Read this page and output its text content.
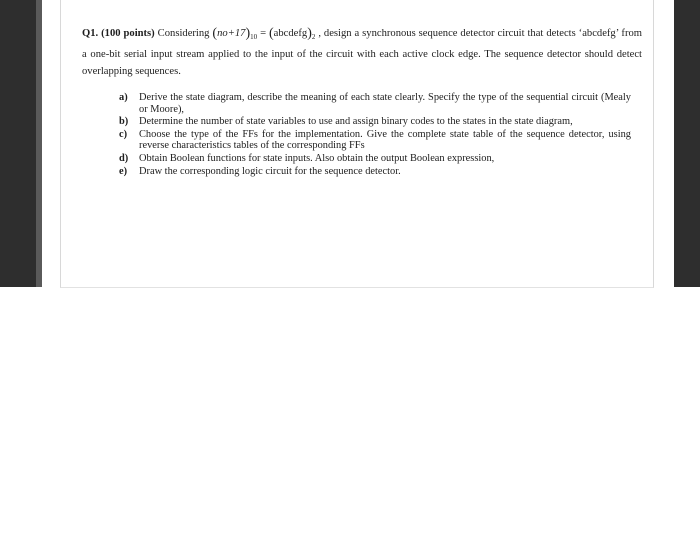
Q1. (100 points) Considering $(no+17)_{10}$ = $(abcdefg)_2$ , design a synchronous sequence detector circuit that detects ‘abcdefg’ from a one-bit serial input stream applied to the input of the circuit with each active clock edge. The sequence detector should detect overlapping sequences.
a) Derive the state diagram, describe the meaning of each state clearly. Specify the type of the sequential circuit (Mealy or Moore),
b) Determine the number of state variables to use and assign binary codes to the states in the state diagram,
c) Choose the type of the FFs for the implementation. Give the complete state table of the sequence detector, using reverse characteristics tables of the corresponding FFs
d) Obtain Boolean functions for state inputs. Also obtain the output Boolean expression,
e) Draw the corresponding logic circuit for the sequence detector.
